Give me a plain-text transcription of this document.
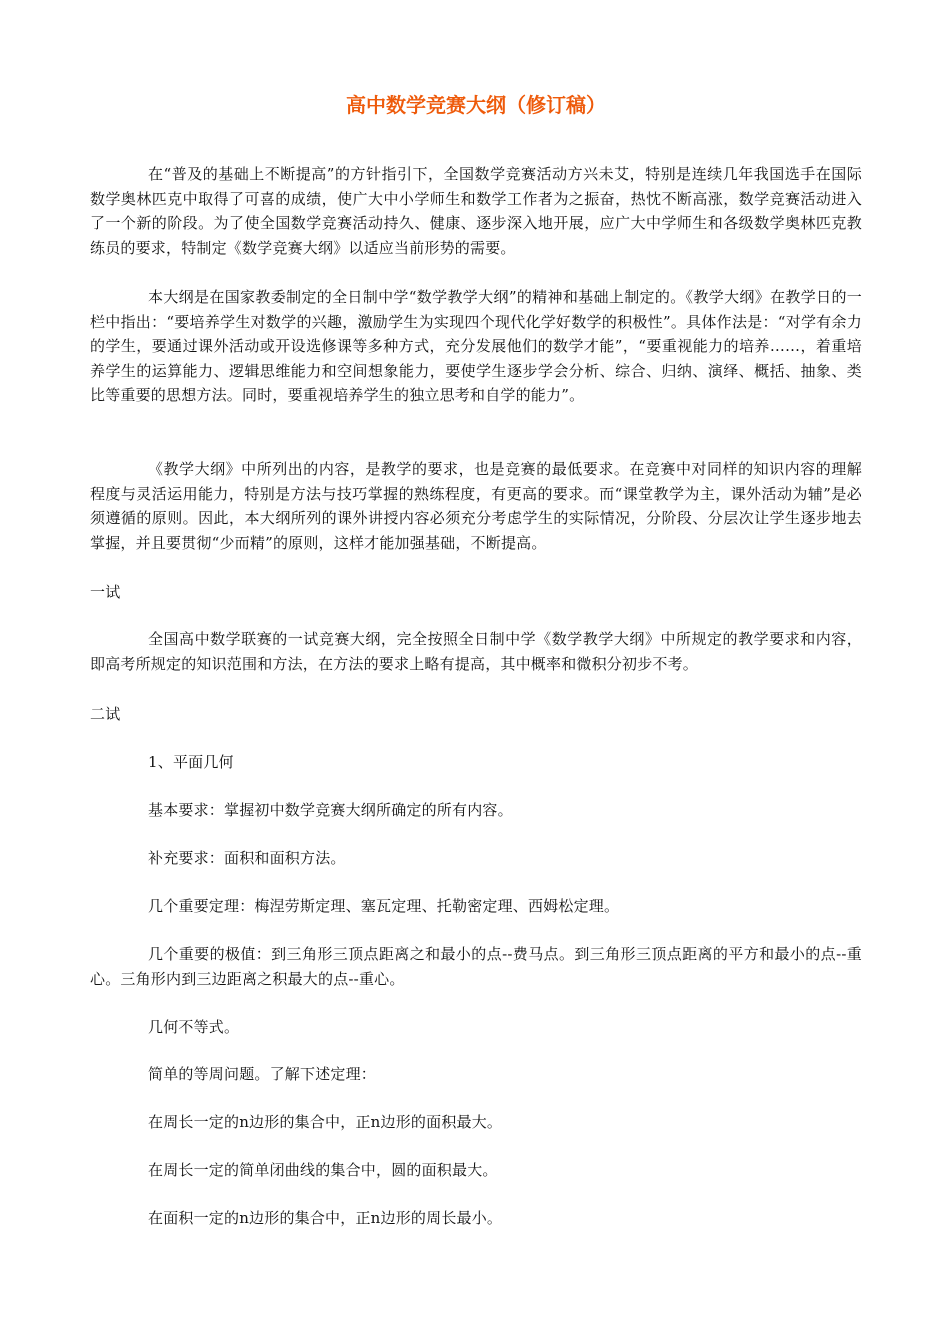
高中数学竞赛大纲（修订稿）

在“普及的基础上不断提高”的方针指引下，全国数学竞赛活动方兴未艾，特别是连续几年我国选手在国际数学奥林匹克中取得了可喜的成绩，使广大中小学师生和数学工作者为之振奋，热忱不断高涨，数学竞赛活动进入了一个新的阶段。为了使全国数学竞赛活动持久、健康、逐步深入地开展，应广大中学师生和各级数学奥林匹克教练员的要求，特制定《数学竞赛大纲》以适应当前形势的需要。

本大纲是在国家教委制定的全日制中学“数学教学大纲”的精神和基础上制定的。《教学大纲》在教学日的一栏中指出：“要培养学生对数学的兴趣，激励学生为实现四个现代化学好数学的积极性”。具体作法是：“对学有余力的学生，要通过课外活动或开设选修课等多种方式，充分发展他们的数学才能”，“要重视能力的培养……，着重培养学生的运算能力、逻辑思维能力和空间想象能力，要使学生逐步学会分析、综合、归纳、演绎、概括、抽象、类比等重要的思想方法。同时，要重视培养学生的独立思考和自学的能力”。

《教学大纲》中所列出的内容，是教学的要求，也是竞赛的最低要求。在竞赛中对同样的知识内容的理解程度与灵活运用能力，特别是方法与技巧掌握的熟练程度，有更高的要求。而“课堂教学为主，课外活动为辅”是必须遵循的原则。因此，本大纲所列的课外讲授内容必须充分考虑学生的实际情况，分阶段、分层次让学生逐步地去掌握，并且要贯彻“少而精”的原则，这样才能加强基础，不断提高。

一试

全国高中数学联赛的一试竞赛大纲，完全按照全日制中学《数学教学大纲》中所规定的教学要求和内容，即高考所规定的知识范围和方法，在方法的要求上略有提高，其中概率和微积分初步不考。

二试

1、平面几何

基本要求：掌握初中数学竞赛大纲所确定的所有内容。

补充要求：面积和面积方法。

几个重要定理：梅涅劳斯定理、塞瓦定理、托勒密定理、西姆松定理。

几个重要的极值：到三角形三顶点距离之和最小的点--费马点。到三角形三顶点距离的平方和最小的点--重心。三角形内到三边距离之积最大的点--重心。

几何不等式。

简单的等周问题。了解下述定理：

在周长一定的n边形的集合中，正n边形的面积最大。

在周长一定的简单闭曲线的集合中，圆的面积最大。

在面积一定的n边形的集合中，正n边形的周长最小。
